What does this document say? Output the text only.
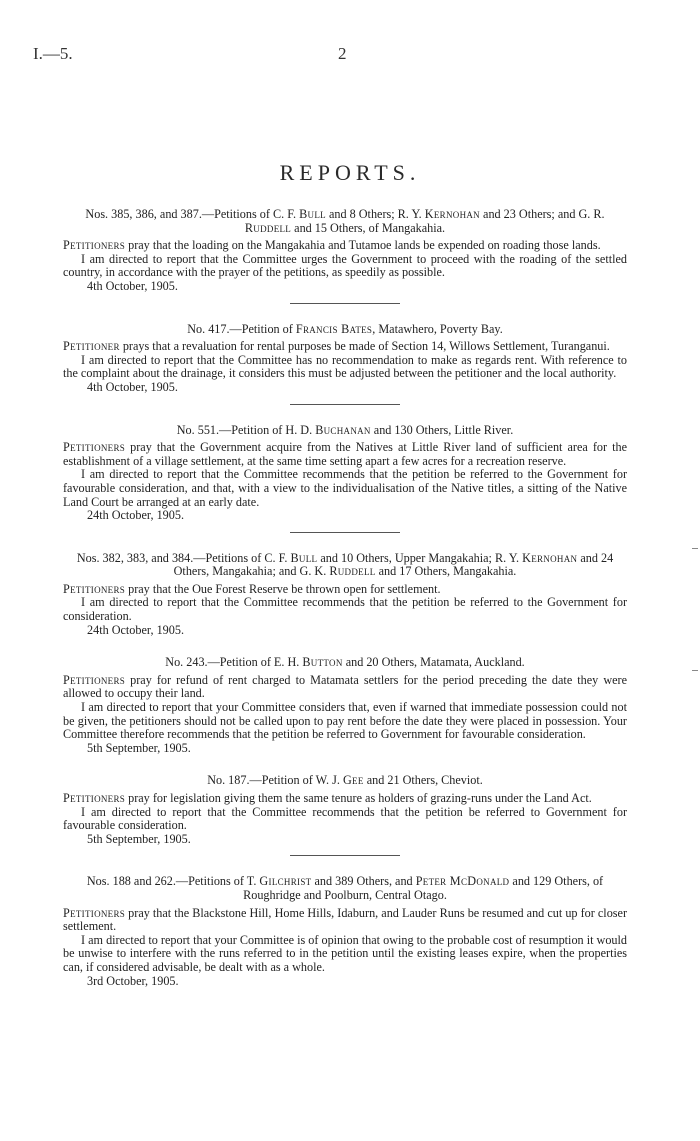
I.—5.	2
REPORTS.
Nos. 385, 386, and 387.—Petitions of C. F. Bull and 8 Others; R. Y. Kernohan and 23 Others; and G. R. Ruddell and 15 Others, of Mangakahia.

Petitioners pray that the loading on the Mangakahia and Tutamoe lands be expended on roading those lands.

I am directed to report that the Committee urges the Government to proceed with the roading of the settled country, in accordance with the prayer of the petitions, as speedily as possible.

4th October, 1905.
No. 417.—Petition of Francis Bates, Matawhero, Poverty Bay.

Petitioner prays that a revaluation for rental purposes be made of Section 14, Willows Settlement, Turanganui.

I am directed to report that the Committee has no recommendation to make as regards rent. With reference to the complaint about the drainage, it considers this must be adjusted between the petitioner and the local authority.

4th October, 1905.
No. 551.—Petition of H. D. Buchanan and 130 Others, Little River.

Petitioners pray that the Government acquire from the Natives at Little River land of sufficient area for the establishment of a village settlement, at the same time setting apart a few acres for a recreation reserve.

I am directed to report that the Committee recommends that the petition be referred to the Government for favourable consideration, and that, with a view to the individualisation of the Native titles, a sitting of the Native Land Court be arranged at an early date.

24th October, 1905.
Nos. 382, 383, and 384.—Petitions of C. F. Bull and 10 Others, Upper Mangakahia; R. Y. Kernohan and 24 Others, Mangakahia; and G. K. Ruddell and 17 Others, Mangakahia.

Petitioners pray that the Oue Forest Reserve be thrown open for settlement.

I am directed to report that the Committee recommends that the petition be referred to the Government for consideration.

24th October, 1905.
No. 243.—Petition of E. H. Button and 20 Others, Matamata, Auckland.

Petitioners pray for refund of rent charged to Matamata settlers for the period preceding the date they were allowed to occupy their land.

I am directed to report that your Committee considers that, even if warned that immediate possession could not be given, the petitioners should not be called upon to pay rent before the date they were placed in possession. Your Committee therefore recommends that the petition be referred to Government for favourable consideration.

5th September, 1905.
No. 187.—Petition of W. J. Gee and 21 Others, Cheviot.

Petitioners pray for legislation giving them the same tenure as holders of grazing-runs under the Land Act.

I am directed to report that the Committee recommends that the petition be referred to Government for favourable consideration.

5th September, 1905.
Nos. 188 and 262.—Petitions of T. Gilchrist and 389 Others, and Peter McDonald and 129 Others, of Roughridge and Poolburn, Central Otago.

Petitioners pray that the Blackstone Hill, Home Hills, Idaburn, and Lauder Runs be resumed and cut up for closer settlement.

I am directed to report that your Committee is of opinion that owing to the probable cost of resumption it would be unwise to interfere with the runs referred to in the petition until the existing leases expire, when the properties can, if considered advisable, be dealt with as a whole.

3rd October, 1905.
